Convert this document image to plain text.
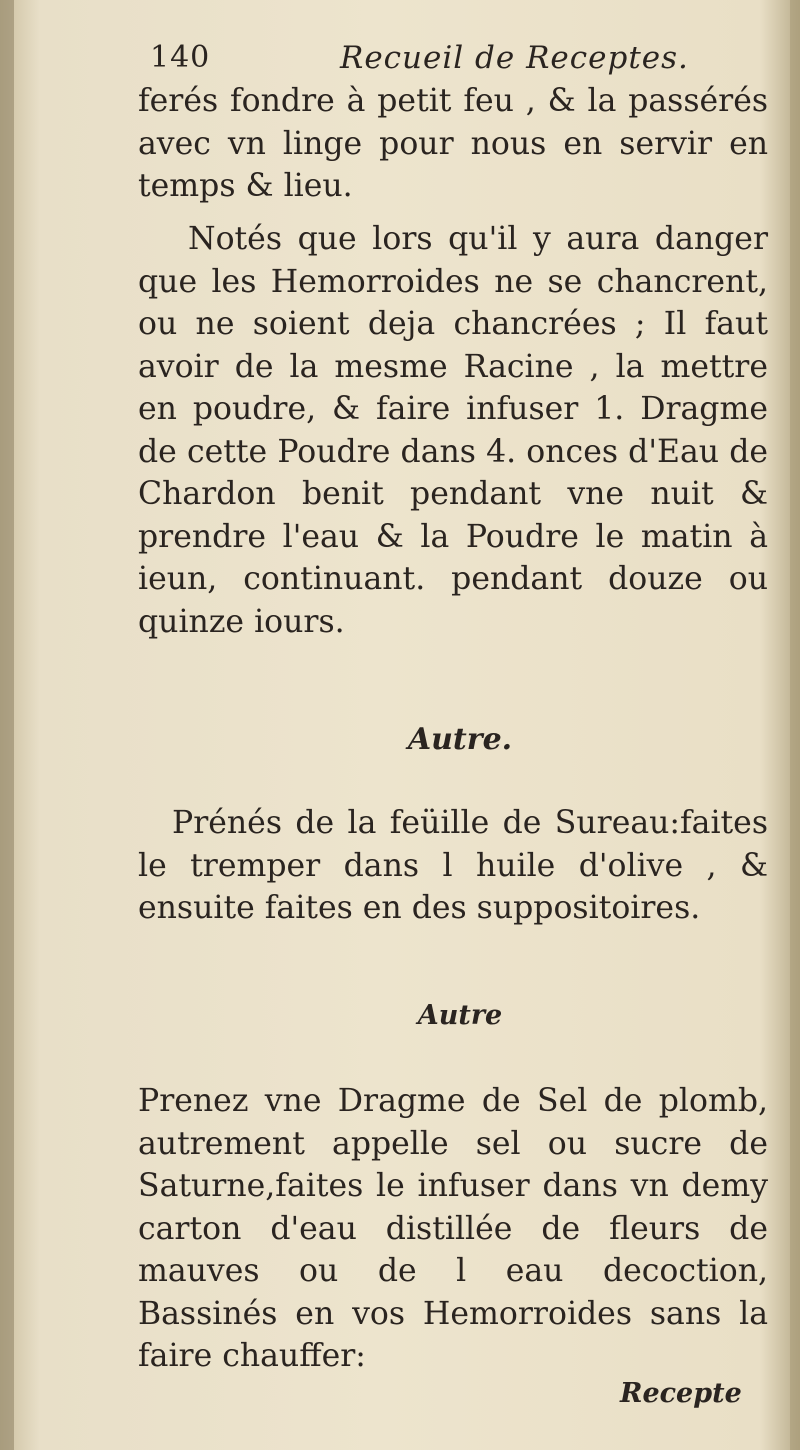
140	Recueil de Receptes.

ferés fondre à petit feu , & la passérés avec vn linge pour nous en servir en temps & lieu.

Notés que lors qu'il y aura danger que les Hemorroides ne se chancrent, ou ne soient deja chancrées ; Il faut avoir de la mesme Racine , la mettre en poudre, & faire infuser 1. Dragme de cette Poudre dans 4. onces d'Eau de Chardon benit pendant vne nuit & prendre l'eau & la Poudre le matin à ieun, continuant. pendant douze ou quinze iours.

Autre.

Prénés de la feüille de Sureau:faites le tremper dans l huile d'olive , & ensuite faites en des suppositoires.

Autre

Prenez vne Dragme de Sel de plomb, autrement appelle sel ou sucre de Saturne,faites le infuser dans vn demy carton d'eau distillée de fleurs de mauves ou de l eau decoction, Bassinés en vos Hemorroides sans la faire chauffer:

Recepte
